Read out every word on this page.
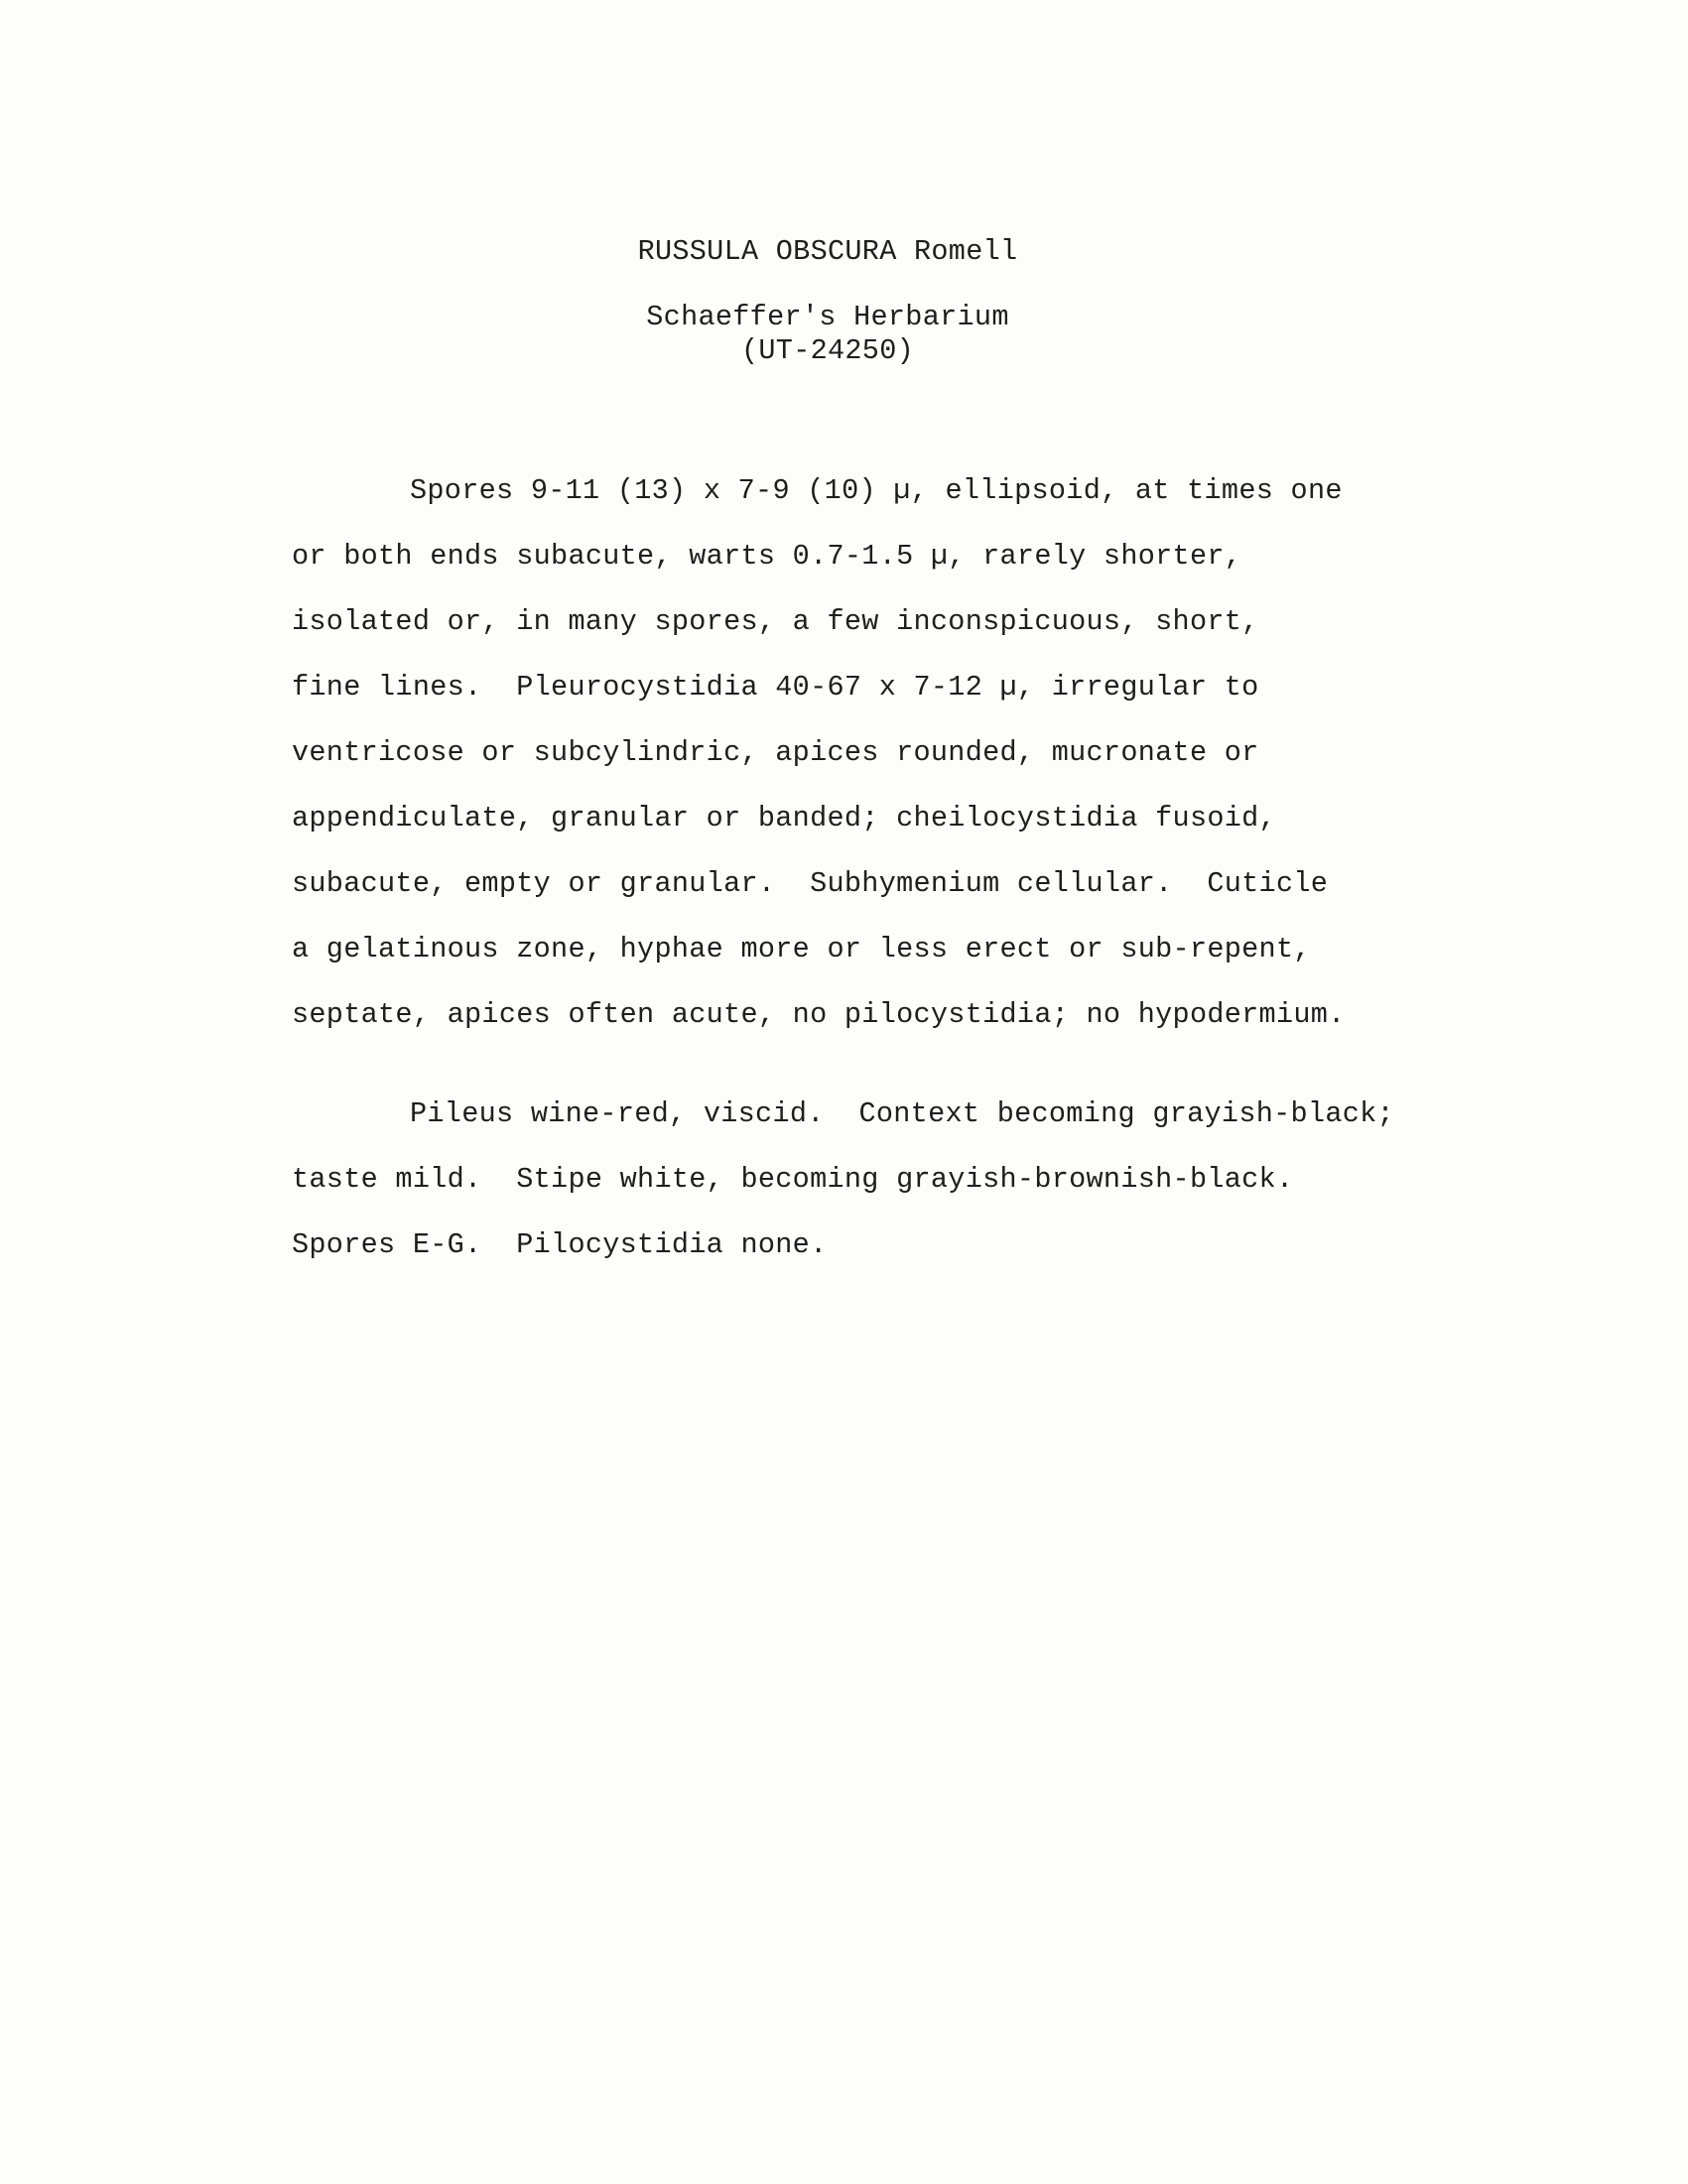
RUSSULA OBSCURA Romell
Schaeffer's Herbarium
(UT-24250)
Spores 9-11 (13) x 7-9 (10) µ, ellipsoid, at times one
or both ends subacute, warts 0.7-1.5 µ, rarely shorter,
isolated or, in many spores, a few inconspicuous, short,
fine lines.  Pleurocystidia 40-67 x 7-12 µ, irregular to
ventricose or subcylindric, apices rounded, mucronate or
appendiculate, granular or banded; cheilocystidia fusoid,
subacute, empty or granular.  Subhymenium cellular.  Cuticle
a gelatinous zone, hyphae more or less erect or sub-repent,
septate, apices often acute, no pilocystidia; no hypodermium.
Pileus wine-red, viscid.  Context becoming grayish-black;
taste mild.  Stipe white, becoming grayish-brownish-black.
Spores E-G.  Pilocystidia none.
